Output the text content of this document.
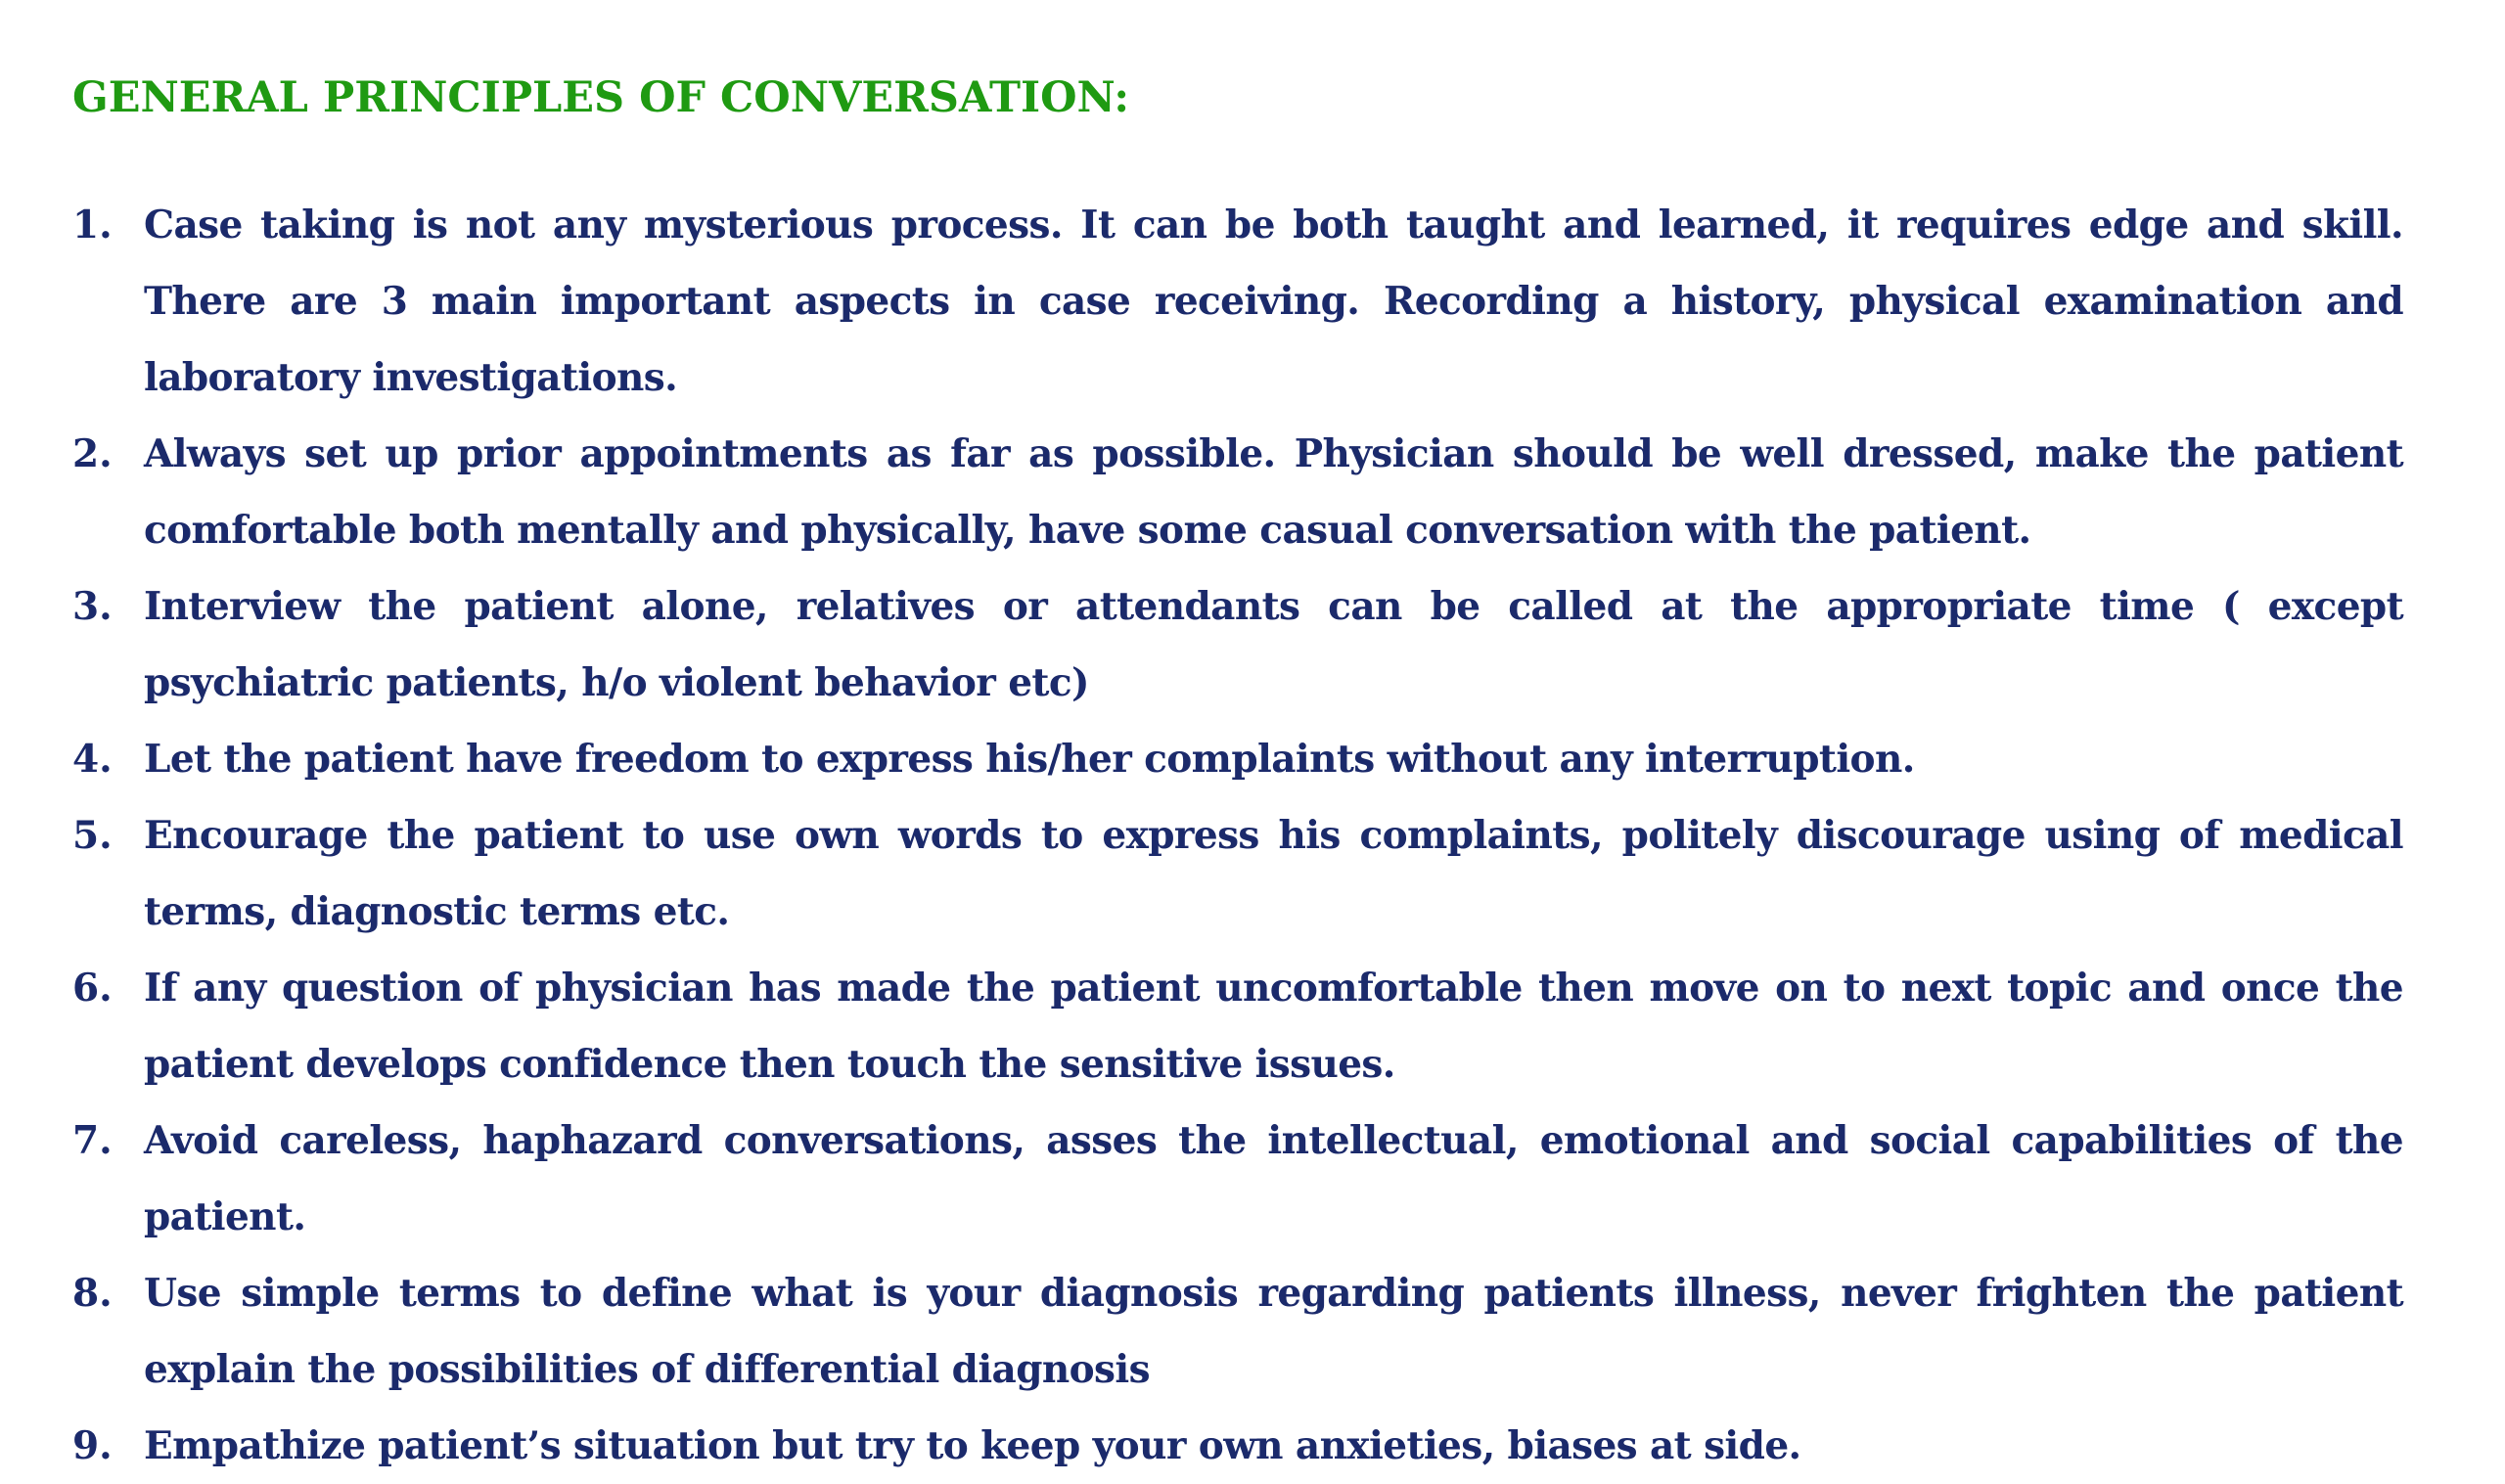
GENERAL PRINCIPLES OF CONVERSATION:
1. Case taking is not any mysterious process. It can be both taught and learned, it requires edge and skill. There are 3 main important aspects in case receiving. Recording a history, physical examination and laboratory investigations.
2. Always set up prior appointments as far as possible. Physician should be well dressed, make the patient comfortable both mentally and physically, have some casual conversation with the patient.
3. Interview the patient alone, relatives or attendants can be called at the appropriate time ( except psychiatric patients, h/o violent behavior etc)
4. Let the patient have freedom to express his/her complaints without any interruption.
5. Encourage the patient to use own words to express his complaints, politely discourage using of medical terms, diagnostic terms etc.
6. If any question of physician has made the patient uncomfortable then move on to next topic and once the patient develops confidence then touch the sensitive issues.
7. Avoid careless, haphazard conversations, asses the intellectual, emotional and social capabilities of the patient.
8. Use simple terms to define what is your diagnosis regarding patients illness, never frighten the patient explain the possibilities of differential diagnosis
9. Empathize patient’s situation but try to keep your own anxieties, biases at side.
